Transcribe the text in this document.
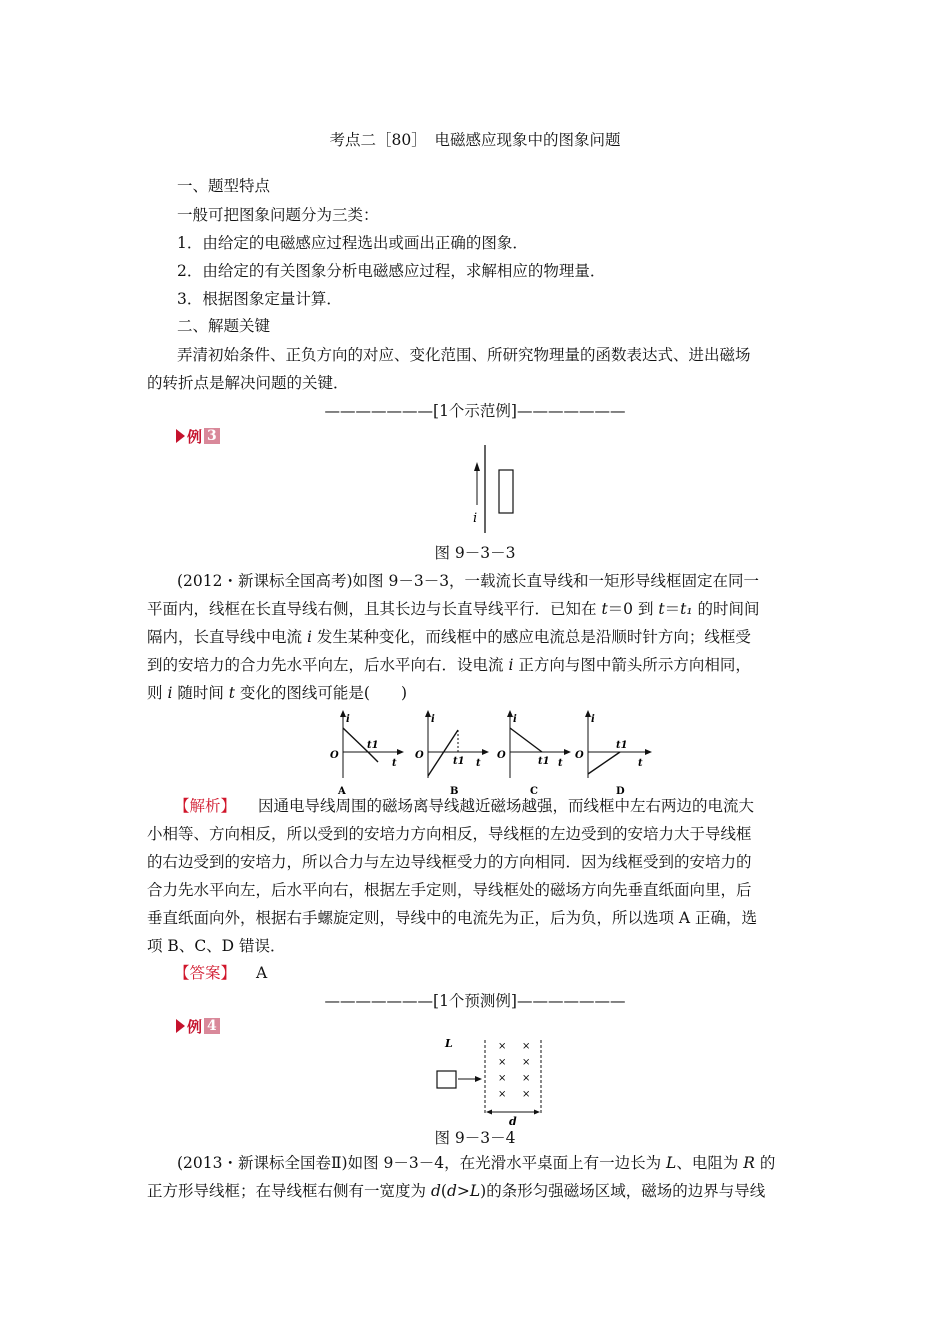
考点二［80］　电磁感应现象中的图象问题
一、题型特点
一般可把图象问题分为三类：
1．由给定的电磁感应过程选出或画出正确的图象．
2．由给定的有关图象分析电磁感应过程，求解相应的物理量．
3．根据图象定量计算．
二、解题关键
弄清初始条件、正负方向的对应、变化范围、所研究物理量的函数表达式、进出磁场
的转折点是解决问题的关键．
———————[1个示范例]———————
例 3
i
图 9－3－3
(2012・新课标全国高考)如图 9－3－3，一载流长直导线和一矩形导线框固定在同一
平面内，线框在长直导线右侧，且其长边与长直导线平行．已知在 t＝0 到 t＝t₁ 的时间间
隔内，长直导线中电流 i 发生某种变化，而线框中的感应电流总是沿顺时针方向；线框受
到的安培力的合力先水平向左，后水平向右．设电流 i 正方向与图中箭头所示方向相同，
则 i 随时间 t 变化的图线可能是(　　)
i
O
t1
t
i
O
t1 t
i
O
t1 t
i
O
t1
t
A	B	C	D
【解析】 因通电导线周围的磁场离导线越近磁场越强，而线框中左右两边的电流大
小相等、方向相反，所以受到的安培力方向相反，导线框的左边受到的安培力大于导线框
的右边受到的安培力，所以合力与左边导线框受力的方向相同．因为线框受到的安培力的
合力先水平向左，后水平向右，根据左手定则，导线框处的磁场方向先垂直纸面向里，后
垂直纸面向外，根据右手螺旋定则，导线中的电流先为正，后为负，所以选项 A 正确，选
项 B、C、D 错误．
【答案】 A
———————[1个预测例]———————
例 4
L	× ×
× ×
× ×
× ×
d
图 9－3－4
(2013・新课标全国卷Ⅱ)如图 9－3－4，在光滑水平桌面上有一边长为 L、电阻为 R 的
正方形导线框；在导线框右侧有一宽度为 d(d>L)的条形匀强磁场区域，磁场的边界与导线
